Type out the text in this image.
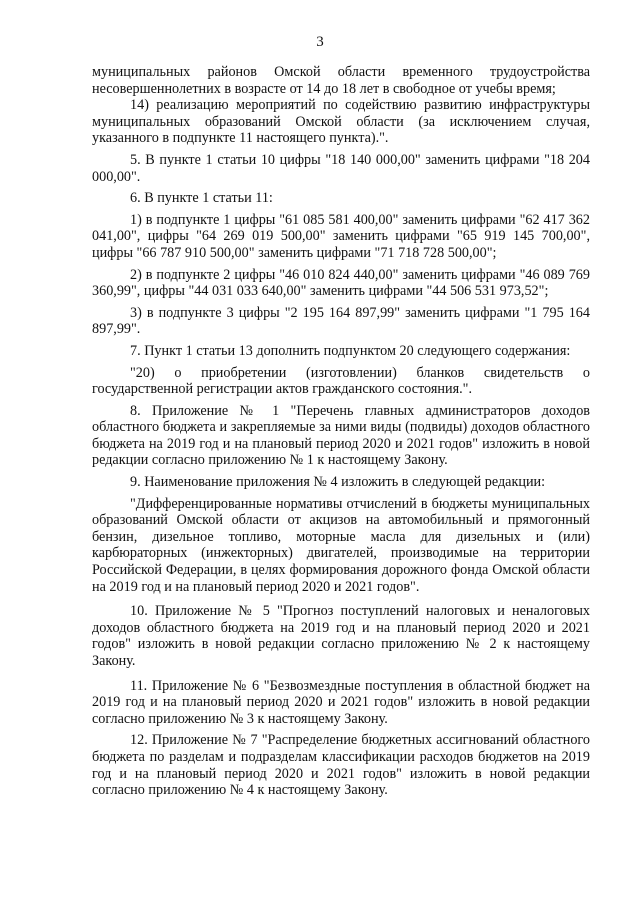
3

муниципальных районов Омской области временного трудоустройства несовершеннолетних в возрасте от 14 до 18 лет в свободное от учебы время;

14) реализацию мероприятий по содействию развитию инфраструктуры муниципальных образований Омской области (за исключением случая, указанного в подпункте 11 настоящего пункта).".

5. В пункте 1 статьи 10 цифры "18 140 000,00" заменить цифрами "18 204 000,00".

6. В пункте 1 статьи 11:

1) в подпункте 1 цифры "61 085 581 400,00" заменить цифрами "62 417 362 041,00", цифры "64 269 019 500,00" заменить цифрами "65 919 145 700,00", цифры "66 787 910 500,00" заменить цифрами "71 718 728 500,00";

2) в подпункте 2 цифры "46 010 824 440,00" заменить цифрами "46 089 769 360,99", цифры "44 031 033 640,00" заменить цифрами "44 506 531 973,52";

3) в подпункте 3 цифры "2 195 164 897,99" заменить цифрами "1 795 164 897,99".

7. Пункт 1 статьи 13 дополнить подпунктом 20 следующего содержания:

"20) о приобретении (изготовлении) бланков свидетельств о государственной регистрации актов гражданского состояния.".

8. Приложение № 1 "Перечень главных администраторов доходов областного бюджета и закрепляемые за ними виды (подвиды) доходов областного бюджета на 2019 год и на плановый период 2020 и 2021 годов" изложить в новой редакции согласно приложению № 1 к настоящему Закону.

9. Наименование приложения № 4 изложить в следующей редакции:

"Дифференцированные нормативы отчислений в бюджеты муниципальных образований Омской области от акцизов на автомобильный и прямогонный бензин, дизельное топливо, моторные масла для дизельных и (или) карбюраторных (инжекторных) двигателей, производимые на территории Российской Федерации, в целях формирования дорожного фонда Омской области на 2019 год и на плановый период 2020 и 2021 годов".

10. Приложение № 5 "Прогноз поступлений налоговых и неналоговых доходов областного бюджета на 2019 год и на плановый период 2020 и 2021 годов" изложить в новой редакции согласно приложению № 2 к настоящему Закону.

11. Приложение № 6 "Безвозмездные поступления в областной бюджет на 2019 год и на плановый период 2020 и 2021 годов" изложить в новой редакции согласно приложению № 3 к настоящему Закону.

12. Приложение № 7 "Распределение бюджетных ассигнований областного бюджета по разделам и подразделам классификации расходов бюджетов на 2019 год и на плановый период 2020 и 2021 годов" изложить в новой редакции согласно приложению № 4 к настоящему Закону.
